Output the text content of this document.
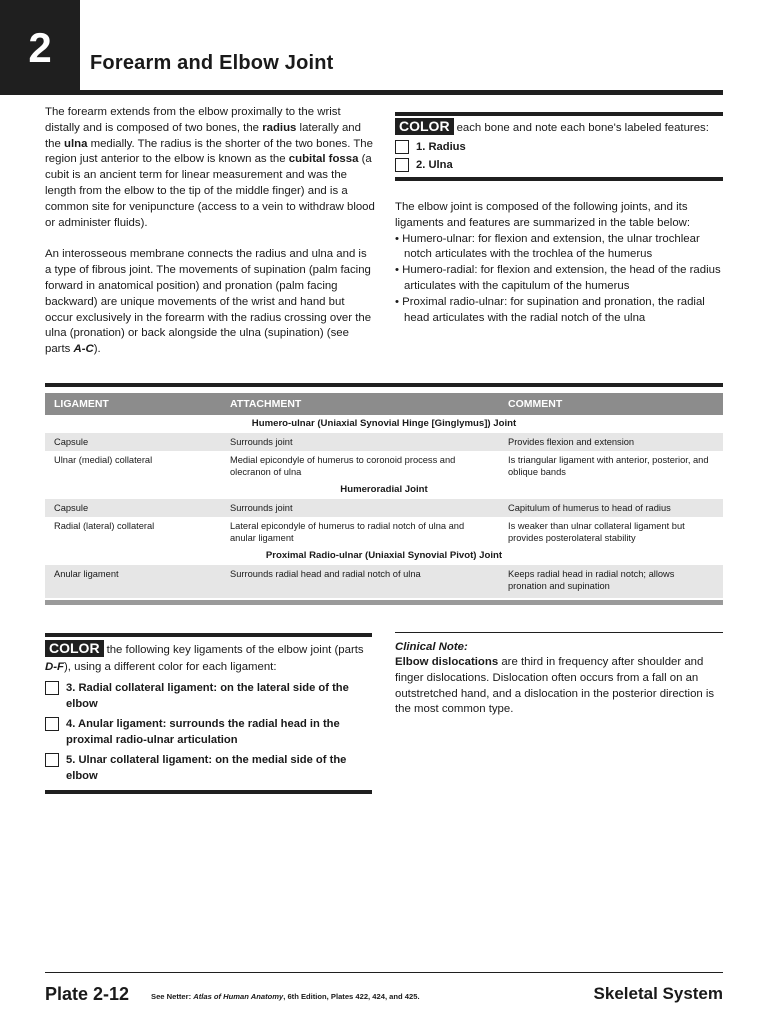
2	Forearm and Elbow Joint

The forearm extends from the elbow proximally to the wrist distally and is composed of two bones, the radius laterally and the ulna medially. The radius is the shorter of the two bones. The region just anterior to the elbow is known as the cubital fossa (a cubit is an ancient term for linear measurement and was the length from the elbow to the tip of the middle finger) and is a common site for venipuncture (access to a vein to withdraw blood or administer fluids).

An interosseous membrane connects the radius and ulna and is a type of fibrous joint. The movements of supination (palm facing forward in anatomical position) and pronation (palm facing backward) are unique movements of the wrist and hand but occur exclusively in the forearm with the radius crossing over the ulna (pronation) or back alongside the ulna (supination) (see parts A-C).

COLOR each bone and note each bone's labeled features:
1. Radius
2. Ulna

The elbow joint is composed of the following joints, and its ligaments and features are summarized in the table below:

• Humero-ulnar: for flexion and extension, the ulnar trochlear notch articulates with the trochlea of the humerus
• Humero-radial: for flexion and extension, the head of the radius articulates with the capitulum of the humerus
• Proximal radio-ulnar: for supination and pronation, the radial head articulates with the radial notch of the ulna
LIGAMENT	ATTACHMENT	COMMENT
Humero-ulnar (Uniaxial Synovial Hinge [Ginglymus]) Joint		
Capsule	Surrounds joint	Provides flexion and extension
Ulnar (medial) collateral	Medial epicondyle of humerus to coronoid process and olecranon of ulna	Is triangular ligament with anterior, posterior, and oblique bands
Humeroradial Joint		
Capsule	Surrounds joint	Capitulum of humerus to head of radius
Radial (lateral) collateral	Lateral epicondyle of humerus to radial notch of ulna and anular ligament	Is weaker than ulnar collateral ligament but provides posterolateral stability
Proximal Radio-ulnar (Uniaxial Synovial Pivot) Joint		
Anular ligament	Surrounds radial head and radial notch of ulna	Keeps radial head in radial notch; allows pronation and supination
COLOR the following key ligaments of the elbow joint (parts D-F), using a different color for each ligament:
3. Radial collateral ligament: on the lateral side of the elbow
4. Anular ligament: surrounds the radial head in the proximal radio-ulnar articulation
5. Ulnar collateral ligament: on the medial side of the elbow
Clinical Note:

Elbow dislocations are third in frequency after shoulder and finger dislocations. Dislocation often occurs from a fall on an outstretched hand, and a dislocation in the posterior direction is the most common type.

Plate 2-12	See Netter: Atlas of Human Anatomy, 6th Edition, Plates 422, 424, and 425.	Skeletal System
